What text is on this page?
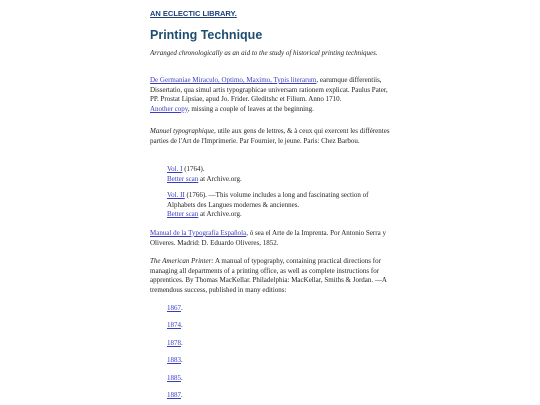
AN ECLECTIC LIBRARY.
Printing Technique

Arranged chronologically as an aid to the study of historical printing techniques.

De Germaniae Miraculo, Optimo, Maximo, Typis literarum, earumque differentiis, Dissertatio, qua simul artis typographicae universam rationem explicat. Paulus Pater, PP. Prostat Lipsiae, apud Jo. Frider. Gleditshc et Filium. Anno 1710.
Another copy, missing a couple of leaves at the beginning.

Manuel typographique, utile aux gens de lettres, & à ceux qui exercent les différentes parties de l'Art de l'Imprimerie. Par Fournier, le jeune. Paris: Chez Barbou.

Vol. I (1764).
Better scan at Archive.org.

Vol. II (1766). —This volume includes a long and fascinating section of Alphabets des Langues modernes & anciennes.
Better scan at Archive.org.

Manual de la Typografía Española, ó sea el Arte de la Imprenta. Por Antonio Serra y Oliveres. Madrid: D. Eduardo Oliveres, 1852.

The American Printer: A manual of typography, containing practical directions for managing all departments of a printing office, as well as complete instructions for apprentices. By Thomas MacKellar. Philadelphia: MacKellar, Smiths & Jordan. —A tremendous success, published in many editions:

1867.

1874.

1878.

1883.

1885.

1887.
